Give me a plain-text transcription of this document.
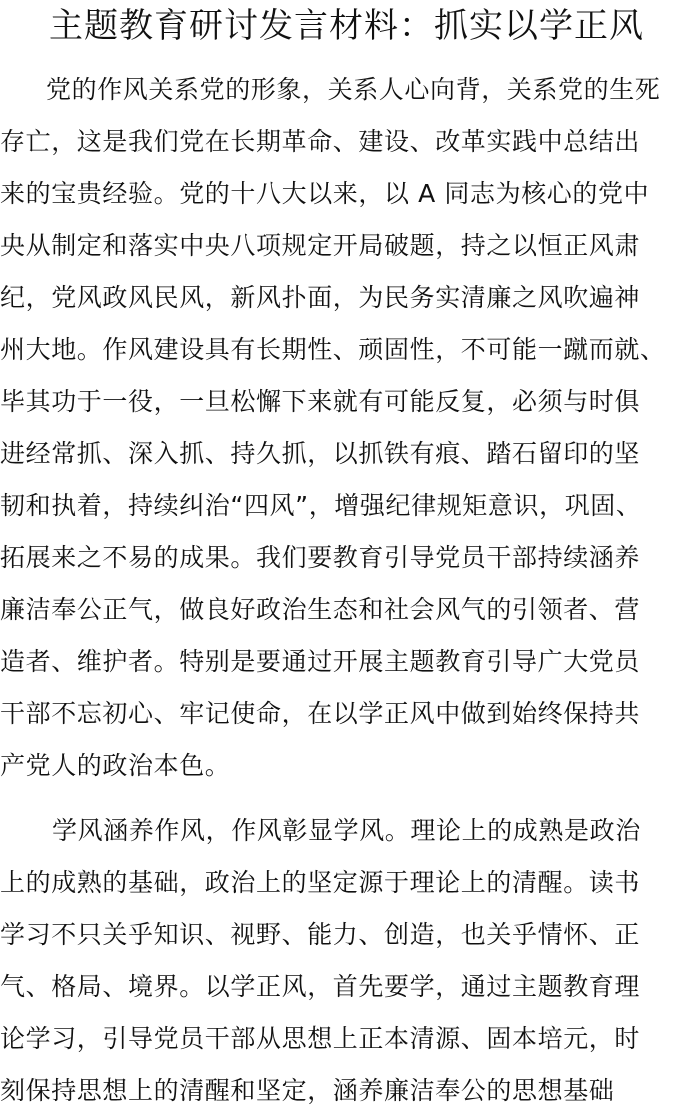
主题教育研讨发言材料：抓实以学正风
党的作风关系党的形象，关系人心向背，关系党的生死
存亡，这是我们党在长期革命、建设、改革实践中总结出
来的宝贵经验。党的十八大以来，以 A 同志为核心的党中
央从制定和落实中央八项规定开局破题，持之以恒正风肃
纪，党风政风民风，新风扑面，为民务实清廉之风吹遍神
州大地。作风建设具有长期性、顽固性，不可能一蹴而就、
毕其功于一役，一旦松懈下来就有可能反复，必须与时俱
进经常抓、深入抓、持久抓，以抓铁有痕、踏石留印的坚
韧和执着，持续纠治“四风”，增强纪律规矩意识，巩固、
拓展来之不易的成果。我们要教育引导党员干部持续涵养
廉洁奉公正气，做良好政治生态和社会风气的引领者、营
造者、维护者。特别是要通过开展主题教育引导广大党员
干部不忘初心、牢记使命，在以学正风中做到始终保持共
产党人的政治本色。
学风涵养作风，作风彰显学风。理论上的成熟是政治
上的成熟的基础，政治上的坚定源于理论上的清醒。读书
学习不只关乎知识、视野、能力、创造，也关乎情怀、正
气、格局、境界。以学正风，首先要学，通过主题教育理
论学习，引导党员干部从思想上正本清源、固本培元，时
刻保持思想上的清醒和坚定，涵养廉洁奉公的思想基础
